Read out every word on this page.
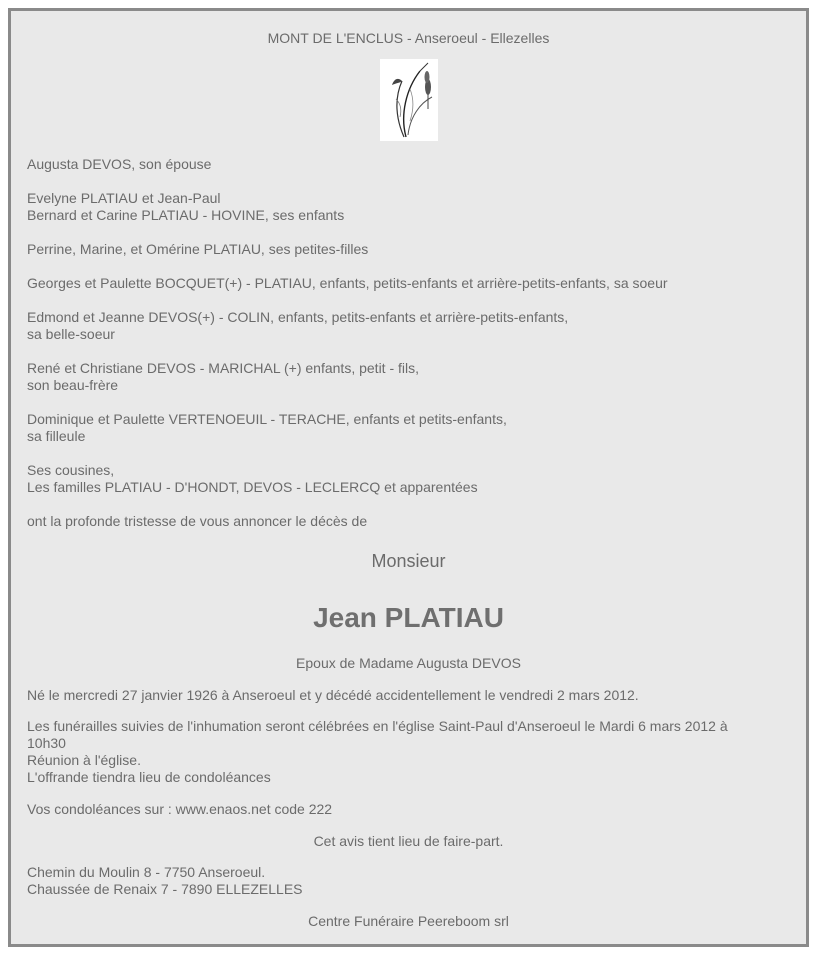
MONT DE L'ENCLUS - Anseroeul - Ellezelles
Augusta DEVOS, son épouse
Evelyne PLATIAU et Jean-Paul
Bernard et Carine PLATIAU - HOVINE, ses enfants
Perrine, Marine, et Omérine PLATIAU, ses petites-filles
Georges et Paulette BOCQUET(+) - PLATIAU, enfants, petits-enfants et arrière-petits-enfants, sa soeur
Edmond et Jeanne DEVOS(+) - COLIN, enfants, petits-enfants et arrière-petits-enfants,
sa belle-soeur
René et Christiane DEVOS - MARICHAL (+) enfants, petit - fils,
son beau-frère
Dominique et Paulette VERTENOEUIL - TERACHE, enfants et petits-enfants,
sa filleule
Ses cousines,
Les familles PLATIAU - D'HONDT, DEVOS - LECLERCQ et apparentées
ont la profonde tristesse de vous annoncer le décès de
Monsieur
Jean PLATIAU
Epoux de Madame Augusta DEVOS
Né le mercredi 27 janvier 1926 à Anseroeul et y décédé accidentellement le vendredi 2 mars 2012.
Les funérailles suivies de l'inhumation seront célébrées en l'église Saint-Paul d'Anseroeul le Mardi 6 mars 2012 à
10h30
Réunion à l'église.
L'offrande tiendra lieu de condoléances
Vos condoléances sur : www.enaos.net code 222
Cet avis tient lieu de faire-part.
Chemin du Moulin 8 - 7750 Anseroeul.
Chaussée de Renaix 7 - 7890 ELLEZELLES
Centre Funéraire Peereboom srl
